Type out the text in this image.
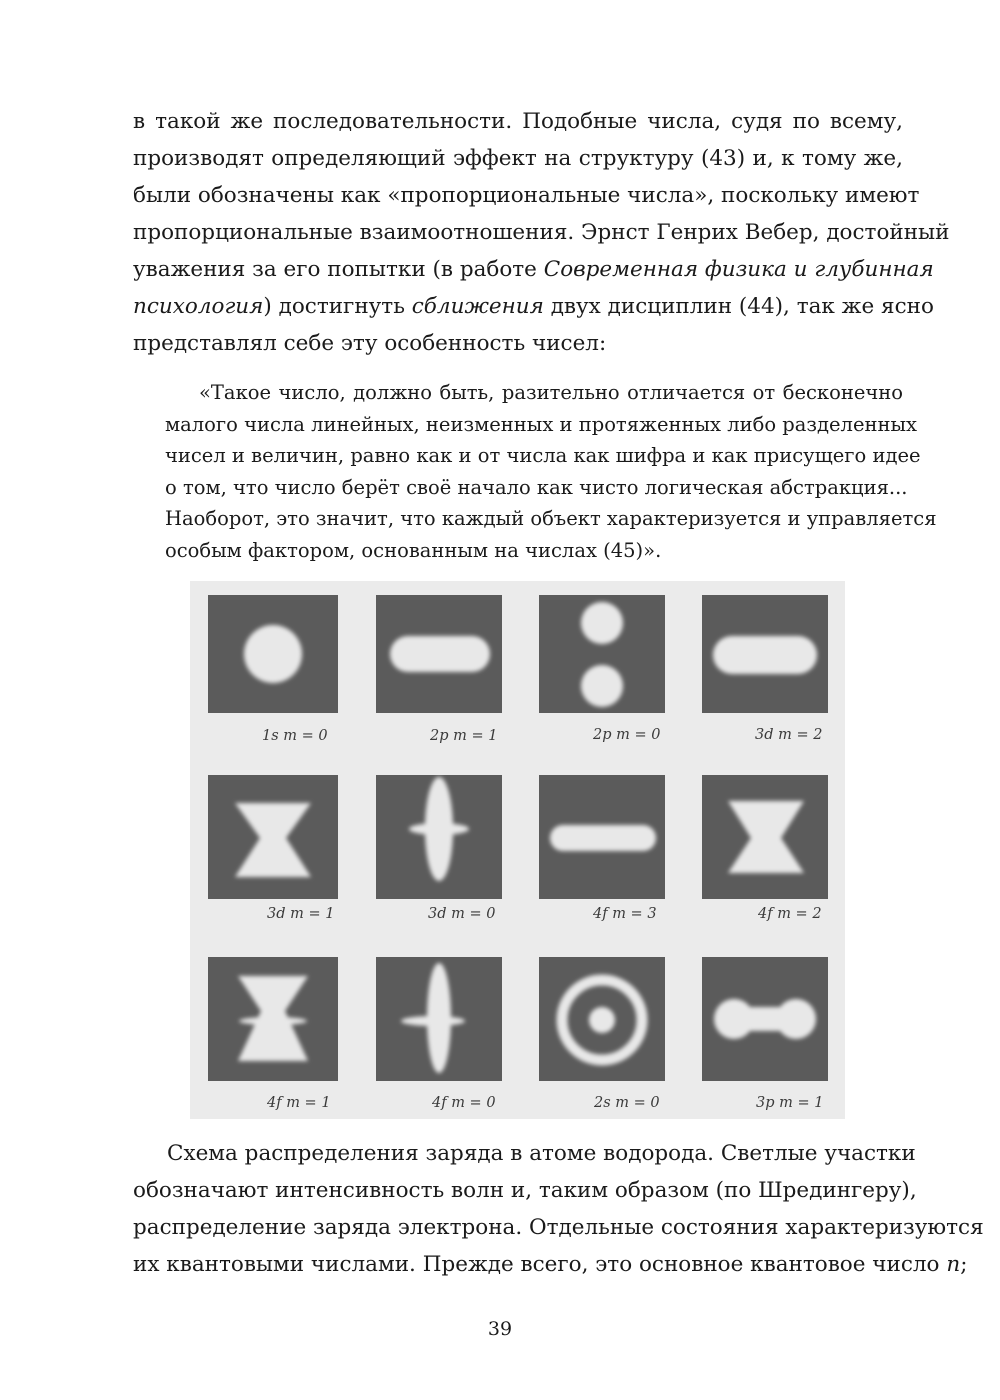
в такой же последовательности. Подобные числа, судя по всему,
производят определяющий эффект на структуру (43) и, к тому же,
были обозначены как «пропорциональные числа», поскольку имеют
пропорциональные взаимоотношения. Эрнст Генрих Вебер, достойный
уважения за его попытки (в работе Современная физика и глубинная
психология) достигнуть сближения двух дисциплин (44), так же ясно
представлял себе эту особенность чисел:
«Такое число, должно быть, разительно отличается от бесконечно
малого числа линейных, неизменных и протяженных либо разделенных
чисел и величин, равно как и от числа как шифра и как присущего идее
о том, что число берёт своё начало как чисто логическая абстракция...
Наоборот, это значит, что каждый объект характеризуется и управляется
особым фактором, основанным на числах (45)».
1s m = 0	2p m = 1	2p m = 0	3d m = 2
3d m = 1	3d m = 0	4f m = 3	4f m = 2
4f m = 1	4f m = 0	2s m = 0	3p m = 1
Схема распределения заряда в атоме водорода. Светлые участки
обозначают интенсивность волн и, таким образом (по Шредингеру),
распределение заряда электрона. Отдельные состояния характеризуются
их квантовыми числами. Прежде всего, это основное квантовое число n;
39
